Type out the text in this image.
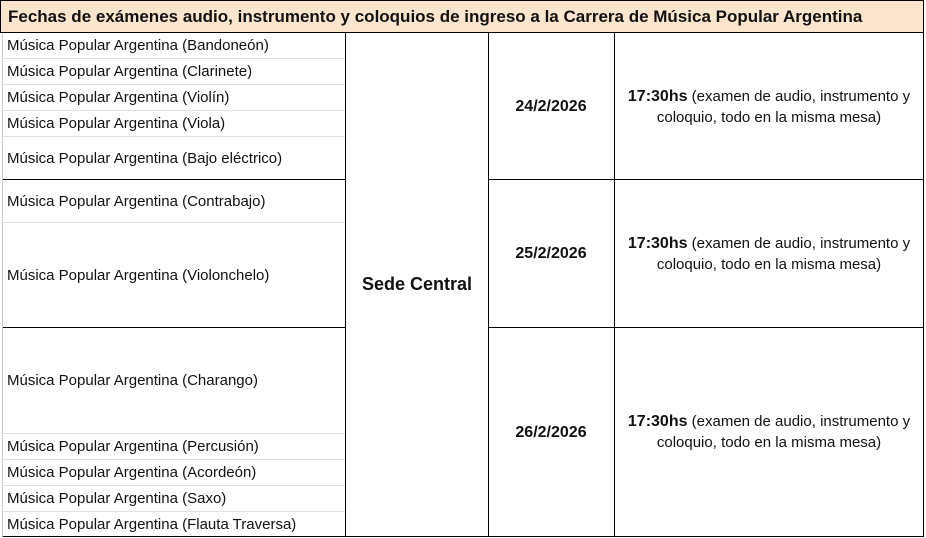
Fechas de exámenes audio, instrumento y coloquios de ingreso a la Carrera de Música Popular Argentina
Música Popular Argentina (Bandoneón)
Música Popular Argentina (Clarinete)
Música Popular Argentina (Violín)
Música Popular Argentina (Viola)
Música Popular Argentina (Bajo eléctrico)
Música Popular Argentina (Contrabajo)
Música Popular Argentina (Violonchelo)
Música Popular Argentina (Charango)
Música Popular Argentina (Percusión)
Música Popular Argentina (Acordeón)
Música Popular Argentina (Saxo)
Música Popular Argentina (Flauta Traversa)
Sede Central
24/2/2026
25/2/2026
26/2/2026
17:30hs (examen de audio, instrumento y coloquio, todo en la misma mesa)
17:30hs (examen de audio, instrumento y coloquio, todo en la misma mesa)
17:30hs (examen de audio, instrumento y coloquio, todo en la misma mesa)
